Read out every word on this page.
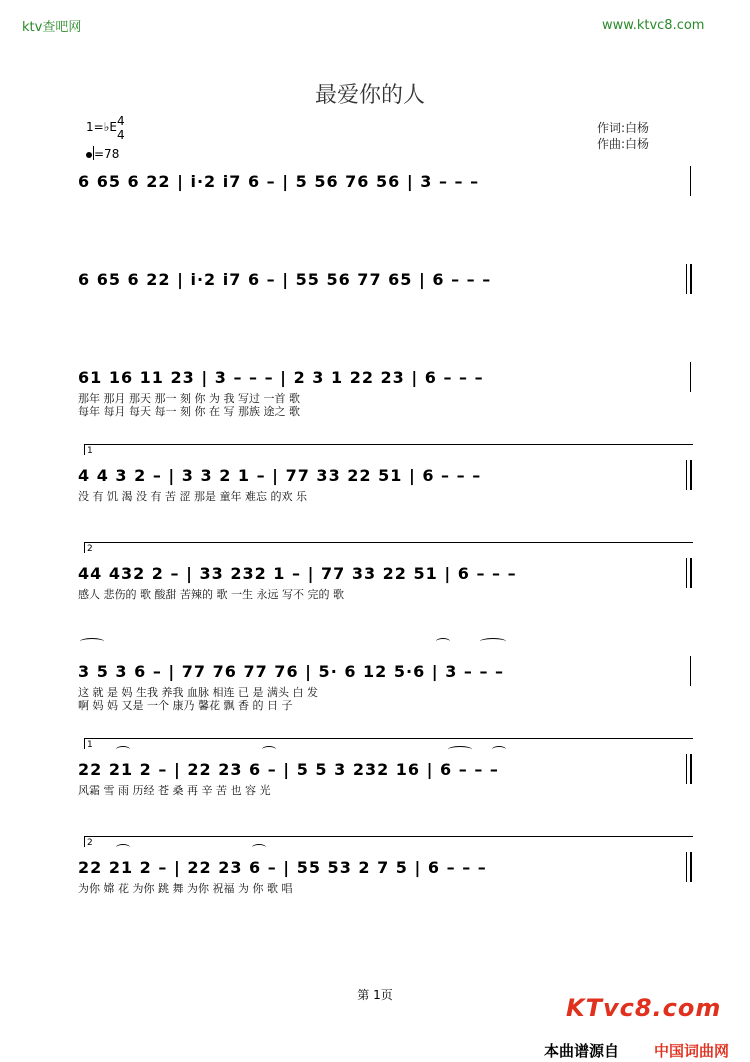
ktv查吧网	www.ktvc8.com
最爱你的人
1=♭E 4
4
=78
作词:白杨
作曲:白杨
6 65 6 22 | i·2 i7 6 – | 5 56 76 56 | 3 – – –
6 65 6 22 | i·2 i7 6 – | 55 56 77 65 | 6 – – –
61 16 11 23 | 3 – – – | 2 3 1 22 23 | 6 – – –
那年 那月 那天 那一 刻 你 为 我 写过 一首 歌
每年 每月 每天 每一 刻 你 在 写 那族 途之 歌
1
4 4 3 2 – | 3 3 2 1 – | 77 33 22 51 | 6 – – –
没 有 饥 渴 没 有 苦 涩 那是 童年 难忘 的欢 乐
2
44 432 2 – | 33 232 1 – | 77 33 22 51 | 6 – – –
感人 悲伤的 歌 酸甜 苦辣的 歌 一生 永远 写不 完的 歌
3 5 3 6 – | 77 76 77 76 | 5· 6 12 5·6 | 3 – – –
这 就 是 妈 生我 养我 血脉 相连 已 是 满头 白 发
啊 妈 妈 又是 一个 康乃 馨花 飘 香 的 日 子
1
22 21 2 – | 22 23 6 – | 5 5 3 232 16 | 6 – – –
风霜 雪 雨 历经 苍 桑 再 辛 苦 也 容 光
2
22 21 2 – | 22 23 6 – | 55 53 2 7 5 | 6 – – –
为你 嫦 花 为你 跳 舞 为你 祝福 为 你 歌 唱
第 1页	KTvc8.com
本曲谱源自 中国词曲网
